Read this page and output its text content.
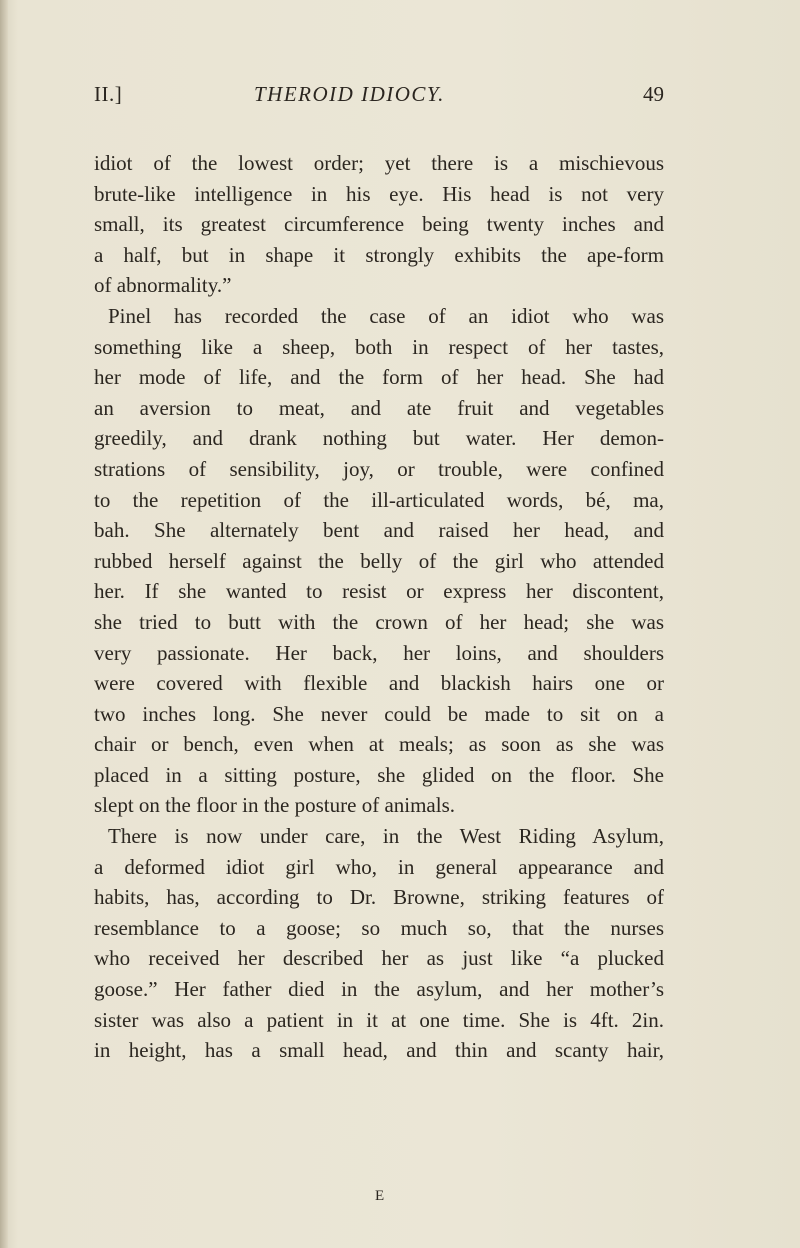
II.]	THEROID IDIOCY.	49
idiot of the lowest order; yet there is a mischievous
brute-like intelligence in his eye. His head is not very
small, its greatest circumference being twenty inches and
a half, but in shape it strongly exhibits the ape-form
of abnormality.”
Pinel has recorded the case of an idiot who was
something like a sheep, both in respect of her tastes,
her mode of life, and the form of her head. She had
an aversion to meat, and ate fruit and vegetables
greedily, and drank nothing but water. Her demon-
strations of sensibility, joy, or trouble, were confined
to the repetition of the ill-articulated words, bé, ma,
bah. She alternately bent and raised her head, and
rubbed herself against the belly of the girl who attended
her. If she wanted to resist or express her discontent,
she tried to butt with the crown of her head; she was
very passionate. Her back, her loins, and shoulders
were covered with flexible and blackish hairs one or
two inches long. She never could be made to sit on a
chair or bench, even when at meals; as soon as she was
placed in a sitting posture, she glided on the floor. She
slept on the floor in the posture of animals.
There is now under care, in the West Riding Asylum,
a deformed idiot girl who, in general appearance and
habits, has, according to Dr. Browne, striking features of
resemblance to a goose; so much so, that the nurses
who received her described her as just like “a plucked
goose.” Her father died in the asylum, and her mother’s
sister was also a patient in it at one time. She is 4ft. 2in.
in height, has a small head, and thin and scanty hair,
E
